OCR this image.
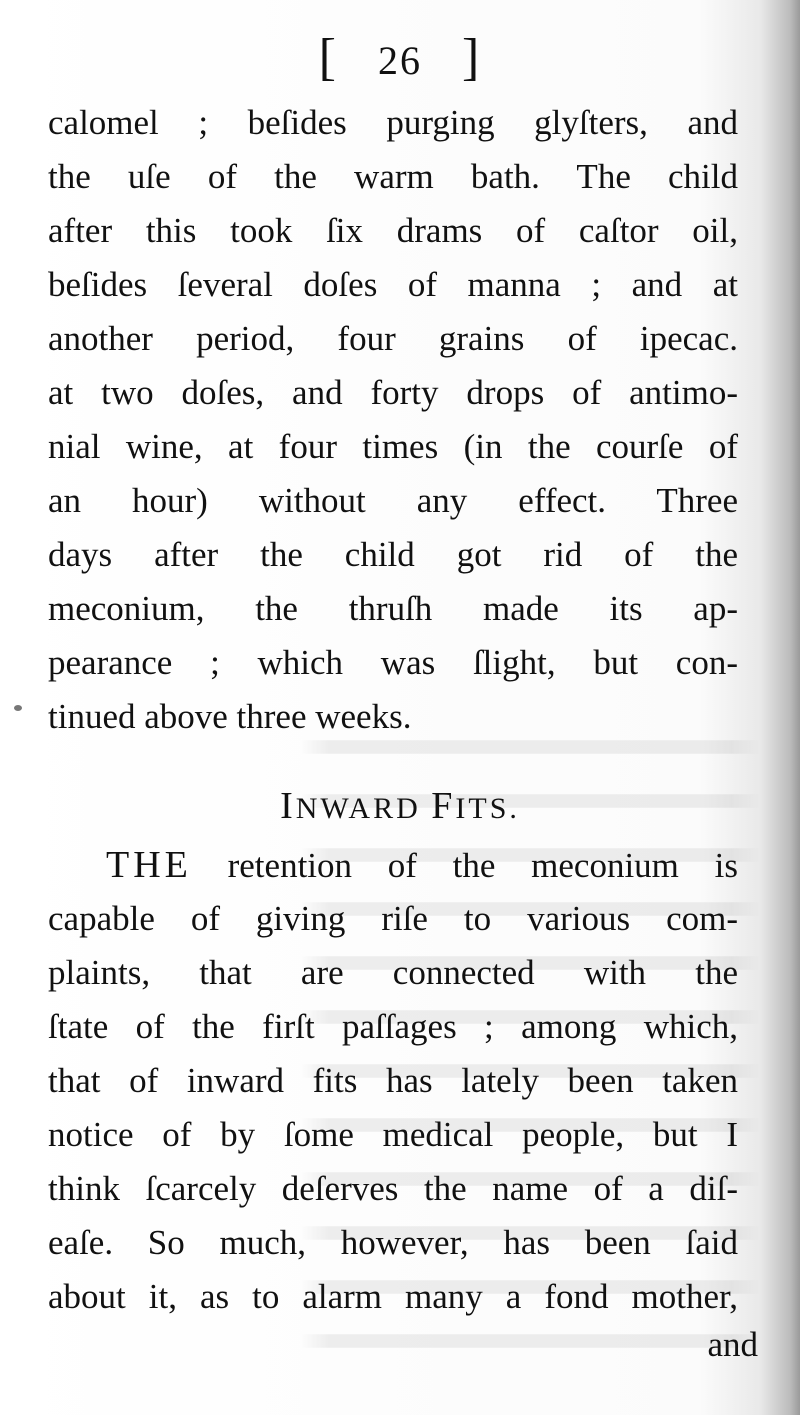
[ 26 ]
calomel ; beſides purging glyſters, and
the uſe of the warm bath. The child
after this took ſix drams of caſtor oil,
beſides ſeveral doſes of manna ; and at
another period, four grains of ipecac.
at two doſes, and forty drops of antimo-
nial wine, at four times (in the courſe of
an hour) without any effect. Three
days after the child got rid of the
meconium, the thruſh made its ap-
pearance ; which was ſlight, but con-
tinued above three weeks.
INWARD FITS.
THE retention of the meconium is
capable of giving riſe to various com-
plaints, that are connected with the
ſtate of the firſt paſſages ; among which,
that of inward fits has lately been taken
notice of by ſome medical people, but I
think ſcarcely deſerves the name of a diſ-
eaſe. So much, however, has been ſaid
about it, as to alarm many a fond mother,
and
